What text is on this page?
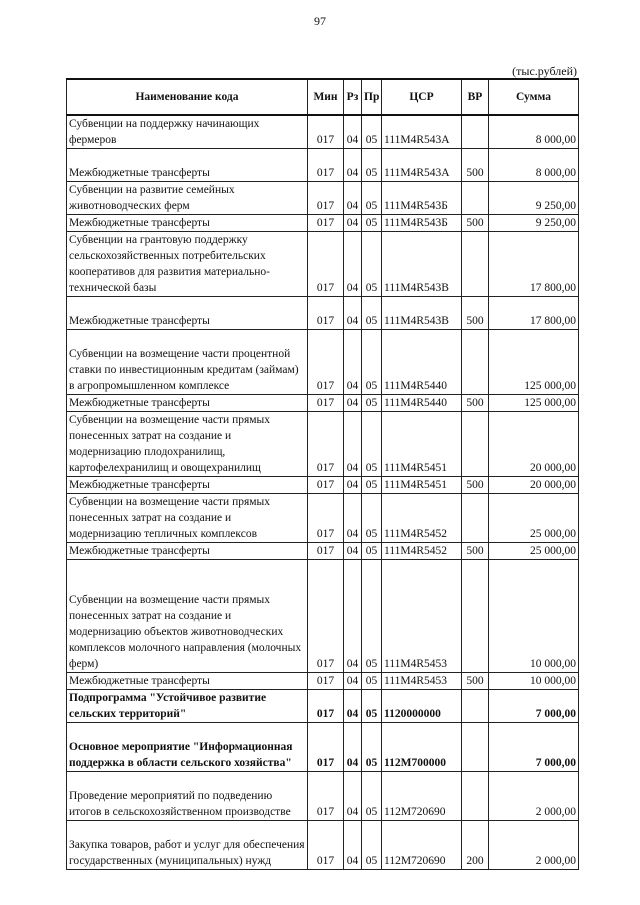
97
(тыс.рублей)
Наименование кода	Мин	Рз	Пр	ЦСР	ВР	Сумма
Субвенции на поддержку начинающих фермеров	017	04	05	111M4R543A		8 000,00
Межбюджетные трансферты	017	04	05	111M4R543A	500	8 000,00
Субвенции на развитие семейных животноводческих ферм	017	04	05	111M4R543Б		9 250,00
Межбюджетные трансферты	017	04	05	111M4R543Б	500	9 250,00
Субвенции на грантовую поддержку сельскохозяйственных потребительских кооперативов для развития материально-технической базы	017	04	05	111M4R543B		17 800,00
Межбюджетные трансферты	017	04	05	111M4R543B	500	17 800,00
Субвенции на возмещение части процентной ставки по инвестиционным кредитам (займам) в агропромышленном комплексе	017	04	05	111M4R5440		125 000,00
Межбюджетные трансферты	017	04	05	111M4R5440	500	125 000,00
Субвенции на возмещение части прямых понесенных затрат на создание и модернизацию плодохранилищ, картофелехранилищ и овощехранилищ	017	04	05	111M4R5451		20 000,00
Межбюджетные трансферты	017	04	05	111M4R5451	500	20 000,00
Субвенции на возмещение части прямых понесенных затрат на создание и модернизацию тепличных комплексов	017	04	05	111M4R5452		25 000,00
Межбюджетные трансферты	017	04	05	111M4R5452	500	25 000,00
Субвенции на возмещение части прямых понесенных затрат на создание и модернизацию объектов животноводческих комплексов молочного направления (молочных ферм)	017	04	05	111M4R5453		10 000,00
Межбюджетные трансферты	017	04	05	111M4R5453	500	10 000,00
Подпрограмма "Устойчивое развитие сельских территорий"	017	04	05	1120000000		7 000,00
Основное мероприятие "Информационная поддержка в области сельского хозяйства"	017	04	05	112M700000		7 000,00
Проведение мероприятий по подведению итогов в сельскохозяйственном производстве	017	04	05	112M720690		2 000,00
Закупка товаров, работ и услуг для обеспечения государственных (муниципальных) нужд	017	04	05	112M720690	200	2 000,00
